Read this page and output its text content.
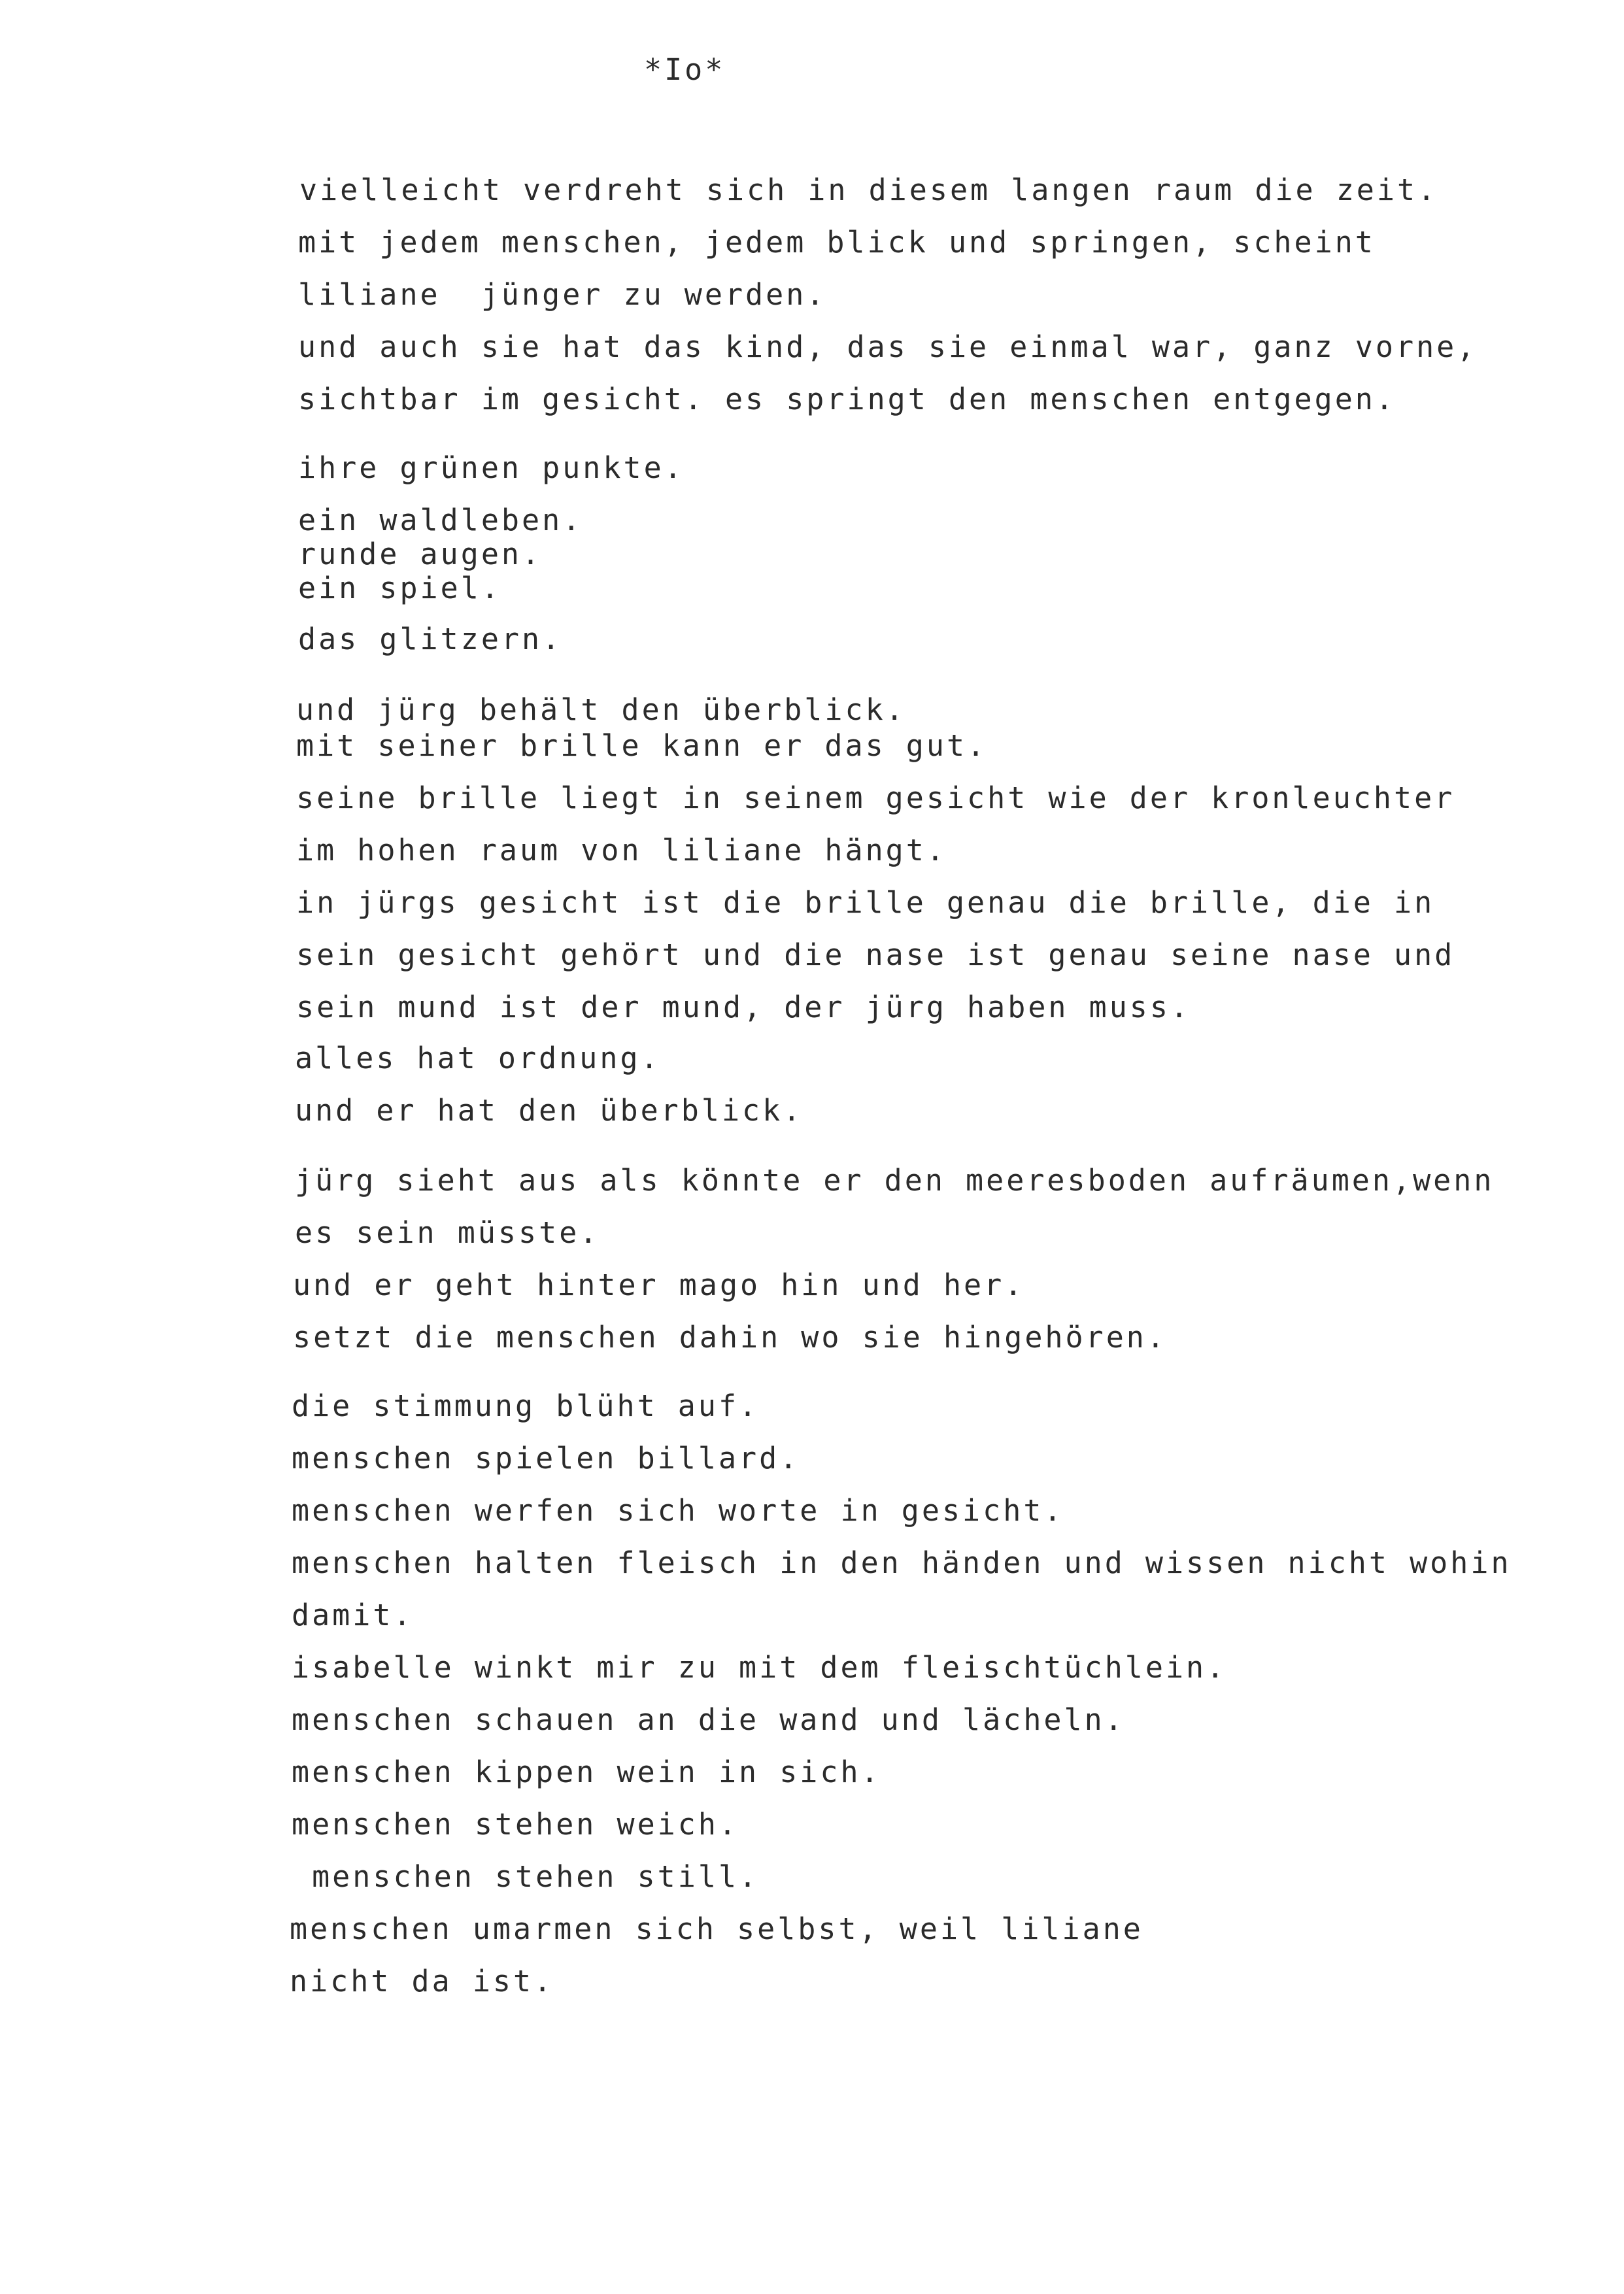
*Io*
vielleicht verdreht sich in diesem langen raum die zeit.
mit jedem menschen, jedem blick und springen, scheint
liliane  jünger zu werden.
und auch sie hat das kind, das sie einmal war, ganz vorne,
sichtbar im gesicht. es springt den menschen entgegen.
ihre grünen punkte.
ein waldleben.
runde augen.
ein spiel.
das glitzern.
und jürg behält den überblick.
mit seiner brille kann er das gut.
seine brille liegt in seinem gesicht wie der kronleuchter
im hohen raum von liliane hängt.
in jürgs gesicht ist die brille genau die brille, die in
sein gesicht gehört und die nase ist genau seine nase und
sein mund ist der mund, der jürg haben muss.
alles hat ordnung.
und er hat den überblick.
jürg sieht aus als könnte er den meeresboden aufräumen,wenn
es sein müsste.
und er geht hinter mago hin und her.
setzt die menschen dahin wo sie hingehören.
die stimmung blüht auf.
menschen spielen billard.
menschen werfen sich worte in gesicht.
menschen halten fleisch in den händen und wissen nicht wohin
damit.
isabelle winkt mir zu mit dem fleischtüchlein.
menschen schauen an die wand und lächeln.
menschen kippen wein in sich.
menschen stehen weich.
menschen stehen still.
menschen umarmen sich selbst, weil liliane
nicht da ist.
